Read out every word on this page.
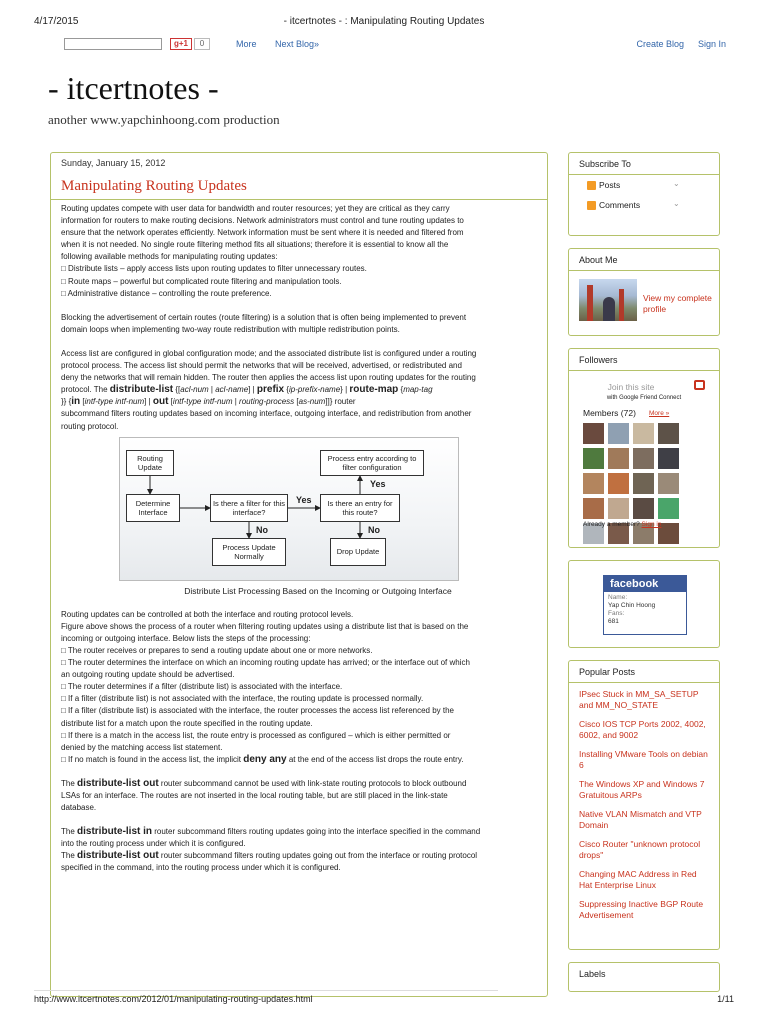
4/17/2015	- itcertnotes - : Manipulating Routing Updates
g+1	0	More Next Blog»	Create Blog Sign In
- itcertnotes -
another www.yapchinhoong.com production
Sunday, January 15, 2012
Manipulating Routing Updates

Routing updates compete with user data for bandwidth and router resources; yet they are critical as they carry
information for routers to make routing decisions. Network administrators must control and tune routing updates to
ensure that the network operates efficiently. Network information must be sent where it is needed and filtered from
when it is not needed. No single route filtering method fits all situations; therefore it is essential to know all the
following available methods for manipulating routing updates:
□ Distribute lists – apply access lists upon routing updates to filter unnecessary routes.
□ Route maps – powerful but complicated route filtering and manipulation tools.
□ Administrative distance – controlling the route preference.

Blocking the advertisement of certain routes (route filtering) is a solution that is often being implemented to prevent
domain loops when implementing two-way route redistribution with multiple redistribution points.

Access list are configured in global configuration mode; and the associated distribute list is configured under a routing
protocol process. The access list should permit the networks that will be received, advertised, or redistributed and
deny the networks that will remain hidden. The router then applies the access list upon routing updates for the routing
protocol. The distribute-list {[acl-num | acl-name] | prefix {ip-prefix-name} | route-map {map-tag
}} {in [intf-type intf-num] | out [intf-type intf-num | routing-process [as-num]]} router
subcommand filters routing updates based on incoming interface, outgoing interface, and redistribution from another
routing protocol.

Routing Update
Determine Interface
Is there a filter for this interface?
Is there an entry for this route?
Process entry according to filter configuration
Process Update Normally	Drop Update
Yes
Yes
No	No
Distribute List Processing Based on the Incoming or Outgoing Interface

Routing updates can be controlled at both the interface and routing protocol levels.
Figure above shows the process of a router when filtering routing updates using a distribute list that is based on the
incoming or outgoing interface. Below lists the steps of the processing:
□ The router receives or prepares to send a routing update about one or more networks.
□ The router determines the interface on which an incoming routing update has arrived; or the interface out of which
an outgoing routing update should be advertised.
□ The router determines if a filter (distribute list) is associated with the interface.
□ If a filter (distribute list) is not associated with the interface, the routing update is processed normally.
□ If a filter (distribute list) is associated with the interface, the router processes the access list referenced by the
distribute list for a match upon the route specified in the routing update.
□ If there is a match in the access list, the route entry is processed as configured – which is either permitted or
denied by the matching access list statement.
□ If no match is found in the access list, the implicit deny any at the end of the access list drops the route entry.

The distribute-list out router subcommand cannot be used with link-state routing protocols to block outbound
LSAs for an interface. The routes are not inserted in the local routing table, but are still placed in the link-state
database.

The distribute-list in router subcommand filters routing updates going into the interface specified in the command
into the routing process under which it is configured.
The distribute-list out router subcommand filters routing updates going out from the interface or routing protocol
specified in the command, into the routing process under which it is configured.

Subscribe To
Posts	⌄
Comments	⌄
About Me
View my complete profile
Followers
Join this site
with Google Friend Connect
Members (72) More »
Already a member? Sign in
facebook
Name:
Yap Chin Hoong
Fans:
681
Popular Posts
IPsec Stuck in MM_SA_SETUP and MM_NO_STATE
Cisco IOS TCP Ports 2002, 4002, 6002, and 9002
Installing VMware Tools on debian 6
The Windows XP and Windows 7 Gratuitous ARPs
Native VLAN Mismatch and VTP Domain
Cisco Router "unknown protocol drops"
Changing MAC Address in Red Hat Enterprise Linux
Suppressing Inactive BGP Route Advertisement
Labels
http://www.itcertnotes.com/2012/01/manipulating-routing-updates.html	1/11
